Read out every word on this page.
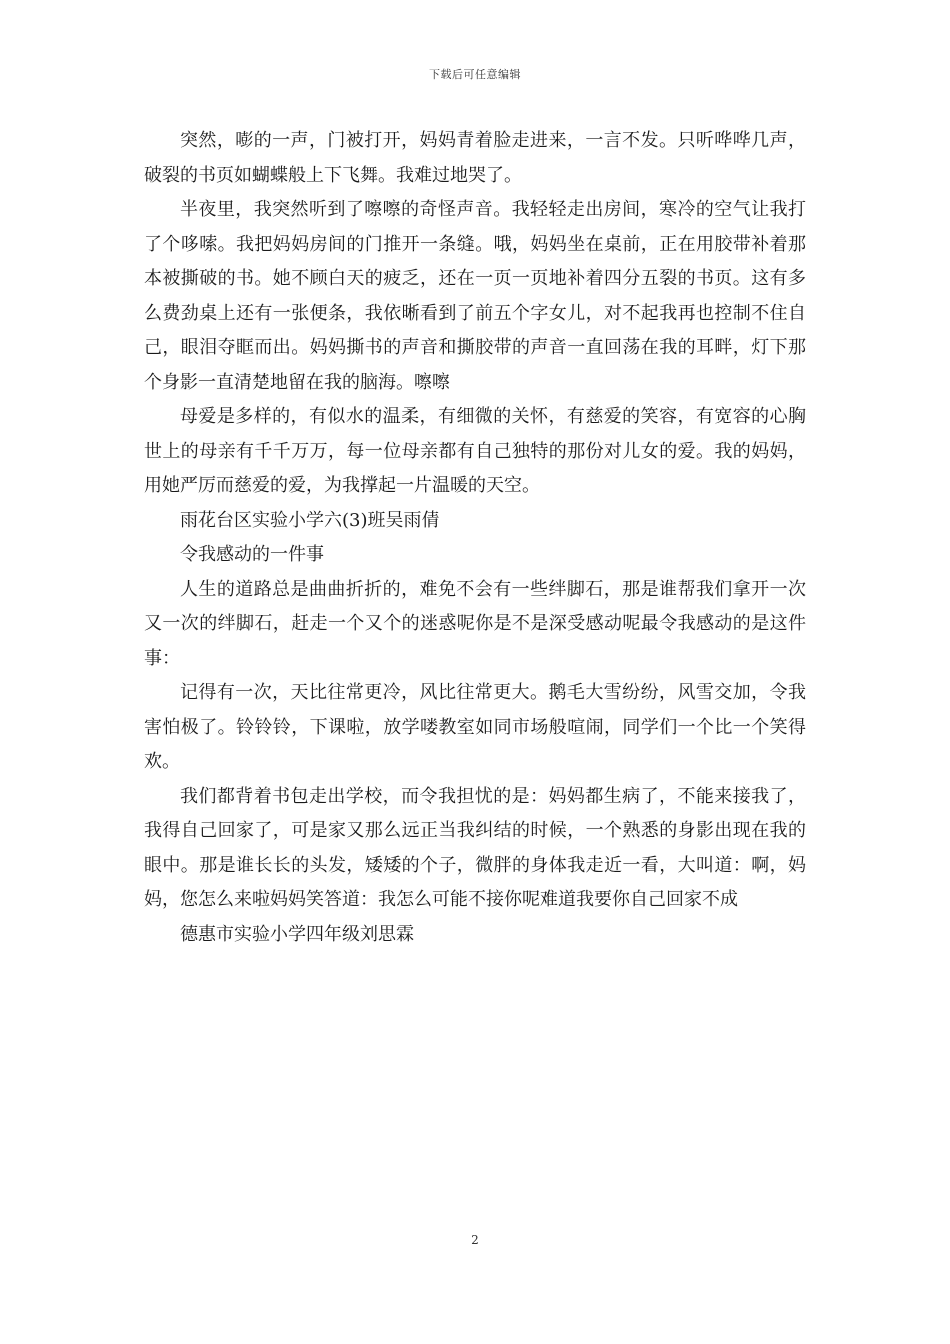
下载后可任意编辑

突然，嘭的一声，门被打开，妈妈青着脸走进来，一言不发。只听哗哗几声，破裂的书页如蝴蝶般上下飞舞。我难过地哭了。

半夜里，我突然听到了嚓嚓的奇怪声音。我轻轻走出房间，寒冷的空气让我打了个哆嗦。我把妈妈房间的门推开一条缝。哦，妈妈坐在桌前，正在用胶带补着那本被撕破的书。她不顾白天的疲乏，还在一页一页地补着四分五裂的书页。这有多么费劲桌上还有一张便条，我依晰看到了前五个字女儿，对不起我再也控制不住自己，眼泪夺眶而出。妈妈撕书的声音和撕胶带的声音一直回荡在我的耳畔，灯下那个身影一直清楚地留在我的脑海。嚓嚓

母爱是多样的，有似水的温柔，有细微的关怀，有慈爱的笑容，有宽容的心胸世上的母亲有千千万万，每一位母亲都有自己独特的那份对儿女的爱。我的妈妈，用她严厉而慈爱的爱，为我撑起一片温暖的天空。

雨花台区实验小学六(3)班吴雨倩

令我感动的一件事

人生的道路总是曲曲折折的，难免不会有一些绊脚石，那是谁帮我们拿开一次又一次的绊脚石，赶走一个又个的迷惑呢你是不是深受感动呢最令我感动的是这件事：

记得有一次，天比往常更冷，风比往常更大。鹅毛大雪纷纷，风雪交加，令我害怕极了。铃铃铃，下课啦，放学喽教室如同市场般喧闹，同学们一个比一个笑得欢。

我们都背着书包走出学校，而令我担忧的是：妈妈都生病了，不能来接我了，我得自己回家了，可是家又那么远正当我纠结的时候，一个熟悉的身影出现在我的眼中。那是谁长长的头发，矮矮的个子，微胖的身体我走近一看，大叫道：啊，妈妈，您怎么来啦妈妈笑答道：我怎么可能不接你呢难道我要你自己回家不成

德惠市实验小学四年级刘思霖

2
